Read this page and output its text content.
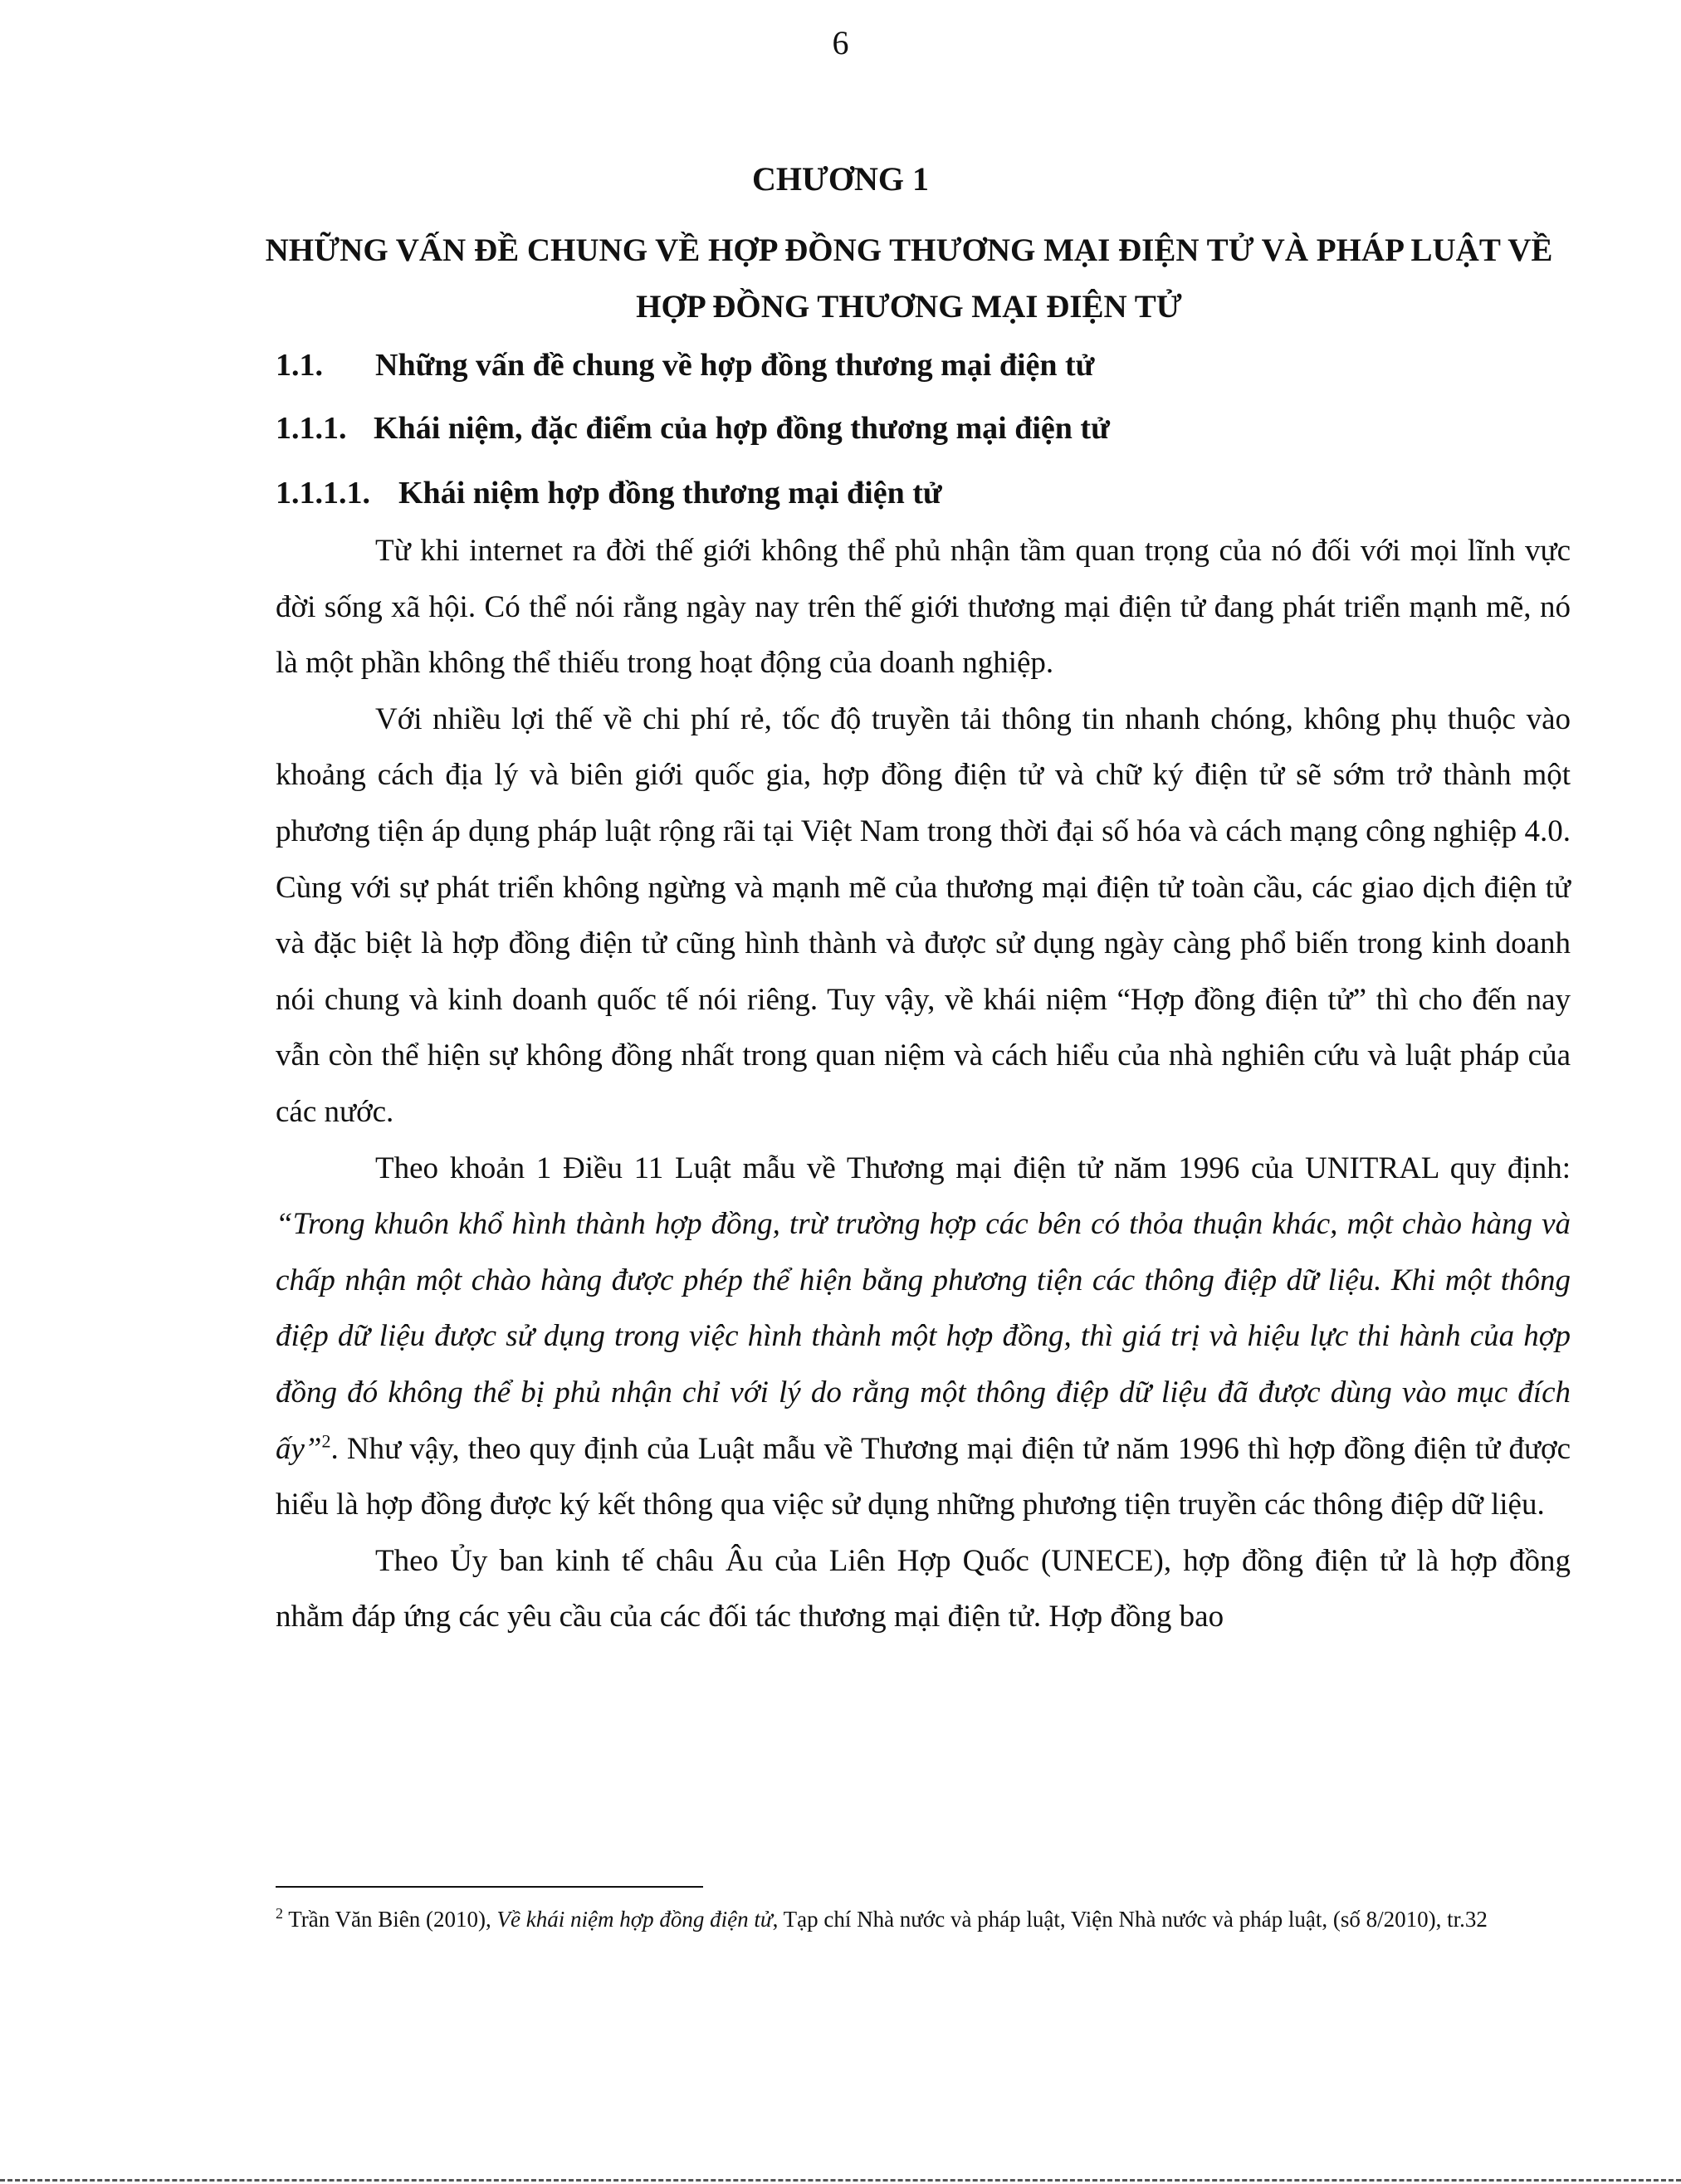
6
CHƯƠNG 1
NHỮNG VẤN ĐỀ CHUNG VỀ HỢP ĐỒNG THƯƠNG MẠI ĐIỆN TỬ VÀ PHÁP LUẬT VỀ HỢP ĐỒNG THƯƠNG MẠI ĐIỆN TỬ
1.1. Những vấn đề chung về hợp đồng thương mại điện tử
1.1.1. Khái niệm, đặc điểm của hợp đồng thương mại điện tử
1.1.1.1. Khái niệm hợp đồng thương mại điện tử

Từ khi internet ra đời thế giới không thể phủ nhận tầm quan trọng của nó đối với mọi lĩnh vực đời sống xã hội. Có thể nói rằng ngày nay trên thế giới thương mại điện tử đang phát triển mạnh mẽ, nó là một phần không thể thiếu trong hoạt động của doanh nghiệp.

Với nhiều lợi thế về chi phí rẻ, tốc độ truyền tải thông tin nhanh chóng, không phụ thuộc vào khoảng cách địa lý và biên giới quốc gia, hợp đồng điện tử và chữ ký điện tử sẽ sớm trở thành một phương tiện áp dụng pháp luật rộng rãi tại Việt Nam trong thời đại số hóa và cách mạng công nghiệp 4.0. Cùng với sự phát triển không ngừng và mạnh mẽ của thương mại điện tử toàn cầu, các giao dịch điện tử và đặc biệt là hợp đồng điện tử cũng hình thành và được sử dụng ngày càng phổ biến trong kinh doanh nói chung và kinh doanh quốc tế nói riêng. Tuy vậy, về khái niệm “Hợp đồng điện tử” thì cho đến nay vẫn còn thể hiện sự không đồng nhất trong quan niệm và cách hiểu của nhà nghiên cứu và luật pháp của các nước.

Theo khoản 1 Điều 11 Luật mẫu về Thương mại điện tử năm 1996 của UNITRAL quy định: “Trong khuôn khổ hình thành hợp đồng, trừ trường hợp các bên có thỏa thuận khác, một chào hàng và chấp nhận một chào hàng được phép thể hiện bằng phương tiện các thông điệp dữ liệu. Khi một thông điệp dữ liệu được sử dụng trong việc hình thành một hợp đồng, thì giá trị và hiệu lực thi hành của hợp đồng đó không thể bị phủ nhận chỉ với lý do rằng một thông điệp dữ liệu đã được dùng vào mục đích ấy”$^2$. Như vậy, theo quy định của Luật mẫu về Thương mại điện tử năm 1996 thì hợp đồng điện tử được hiểu là hợp đồng được ký kết thông qua việc sử dụng những phương tiện truyền các thông điệp dữ liệu.

Theo Ủy ban kinh tế châu Âu của Liên Hợp Quốc (UNECE), hợp đồng điện tử là hợp đồng nhằm đáp ứng các yêu cầu của các đối tác thương mại điện tử. Hợp đồng bao

$^2$ Trần Văn Biên (2010), Về khái niệm hợp đồng điện tử, Tạp chí Nhà nước và pháp luật, Viện Nhà nước và pháp luật, (số 8/2010), tr.32
